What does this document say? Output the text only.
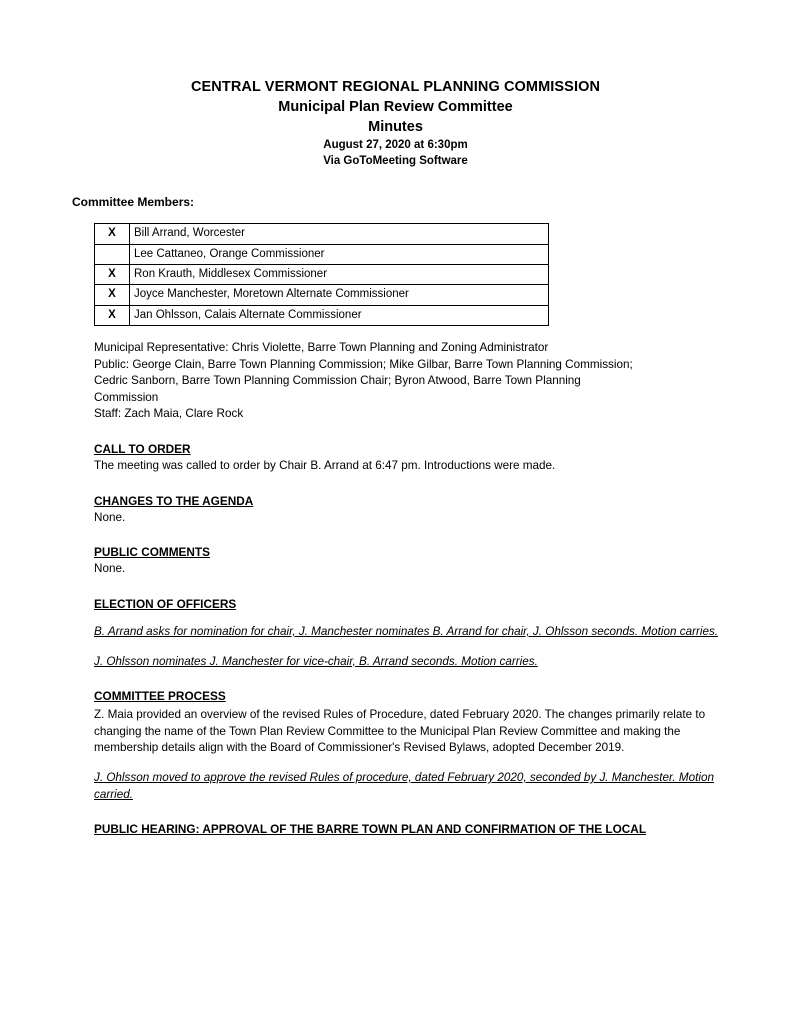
CENTRAL VERMONT REGIONAL PLANNING COMMISSION
Municipal Plan Review Committee
Minutes
August 27, 2020 at 6:30pm
Via GoToMeeting Software
Committee Members:
X	Bill Arrand, Worcester
	Lee Cattaneo, Orange Commissioner
X	Ron Krauth, Middlesex Commissioner
X	Joyce Manchester, Moretown Alternate Commissioner
X	Jan Ohlsson, Calais Alternate Commissioner
Municipal Representative: Chris Violette, Barre Town Planning and Zoning Administrator
Public: George Clain, Barre Town Planning Commission; Mike Gilbar, Barre Town Planning Commission;
Cedric Sanborn, Barre Town Planning Commission Chair; Byron Atwood, Barre Town Planning
Commission
Staff: Zach Maia, Clare Rock
CALL TO ORDER
The meeting was called to order by Chair B. Arrand at 6:47 pm. Introductions were made.
CHANGES TO THE AGENDA
None.
PUBLIC COMMENTS
None.
ELECTION OF OFFICERS
B. Arrand asks for nomination for chair, J. Manchester nominates B. Arrand for chair, J. Ohlsson seconds. Motion carries.
J. Ohlsson nominates J. Manchester for vice-chair, B. Arrand seconds. Motion carries.
COMMITTEE PROCESS
Z. Maia provided an overview of the revised Rules of Procedure, dated February 2020. The changes primarily relate to changing the name of the Town Plan Review Committee to the Municipal Plan Review Committee and making the membership details align with the Board of Commissioner's Revised Bylaws, adopted December 2019.
J. Ohlsson moved to approve the revised Rules of procedure, dated February 2020, seconded by J. Manchester. Motion carried.
PUBLIC HEARING: APPROVAL OF THE BARRE TOWN PLAN AND CONFIRMATION OF THE LOCAL
